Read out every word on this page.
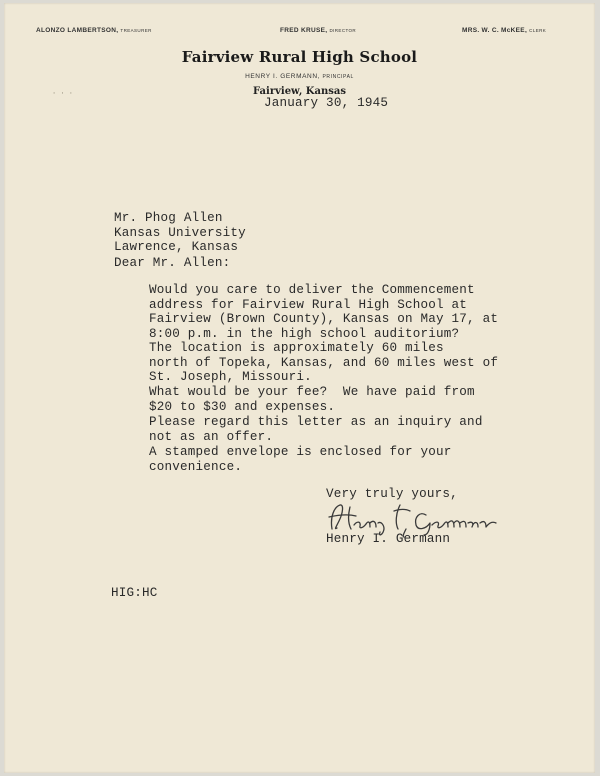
ALONZO LAMBERTSON, TREASURER	FRED KRUSE, DIRECTOR	MRS. W. C. McKEE, CLERK
Fairview Rural High School
HENRY I. GERMANN, PRINCIPAL
Fairview, Kansas
· · ·
January 30, 1945
Mr. Phog Allen
Kansas University
Lawrence, Kansas
Dear Mr. Allen:
Would you care to deliver the Commencement
address for Fairview Rural High School at
Fairview (Brown County), Kansas on May 17, at
8:00 p.m. in the high school auditorium?
The location is approximately 60 miles
north of Topeka, Kansas, and 60 miles west of
St. Joseph, Missouri.
What would be your fee?  We have paid from
$20 to $30 and expenses.
Please regard this letter as an inquiry and
not as an offer.
A stamped envelope is enclosed for your
convenience.
Very truly yours,
Henry I. Germann
HIG:HC
